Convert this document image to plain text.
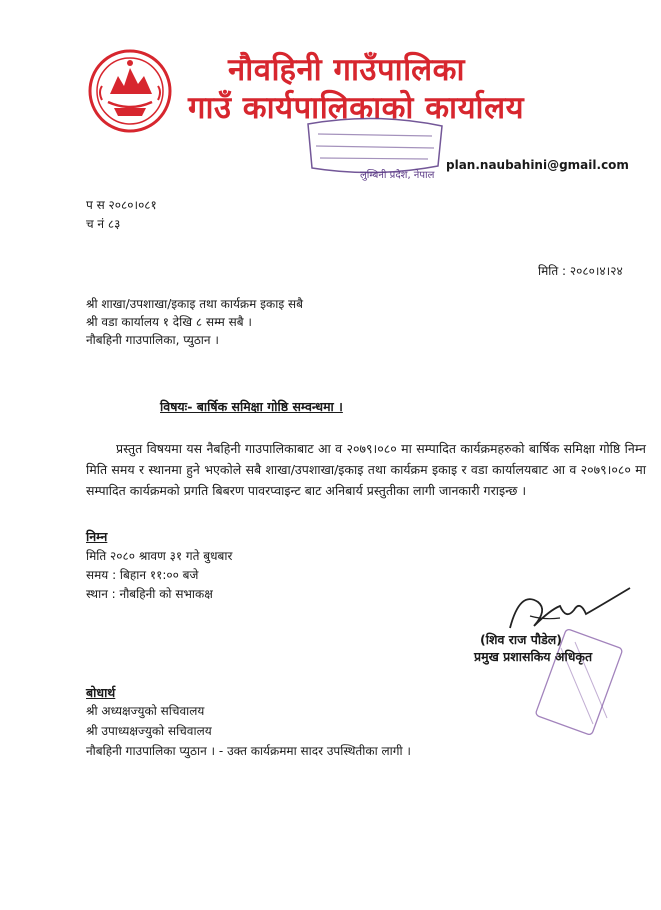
नौवहिनी गाउँपालिका
गाउँ कार्यपालिकाको कार्यालय
लुम्बिनी प्रदेश, नेपाल
plan.naubahini@gmail.com
प स २०८०।०८१
च नं ८३
मिति : २०८०।४।२४
श्री शाखा/उपशाखा/इकाइ तथा कार्यक्रम इकाइ सबै
श्री वडा कार्यालय १ देखि ८ सम्म सबै ।
नौबहिनी गाउपालिका, प्युठान ।
विषयः- बार्षिक समिक्षा गोष्ठि सम्वन्धमा ।
प्रस्तुत विषयमा यस नैबहिनी गाउपालिकाबाट आ व २०७९।०८० मा सम्पादित कार्यक्रमहरुको बार्षिक समिक्षा गोष्ठि निम्न मिति समय र स्थानमा हुने भएकोले सबै शाखा/उपशाखा/इकाइ तथा कार्यक्रम इकाइ र वडा कार्यालयबाट आ व २०७९।०८० मा सम्पादित कार्यक्रमको प्रगति बिबरण पावरप्वाइन्ट बाट अनिबार्य प्रस्तुतीका लागी जानकारी गराइन्छ ।
निम्न
मिति २०८० श्रावण ३१ गते बुधबार
समय : बिहान ११:०० बजे
स्थान : नौबहिनी को सभाकक्ष
(शिव राज पौडेल)
प्रमुख प्रशासकिय अधिकृत
बोधार्थ
श्री अध्यक्षज्युको सचिवालय
श्री उपाध्यक्षज्युको सचिवालय
नौबहिनी गाउपालिका प्युठान । - उक्त कार्यक्रममा सादर उपस्थितीका लागी ।
